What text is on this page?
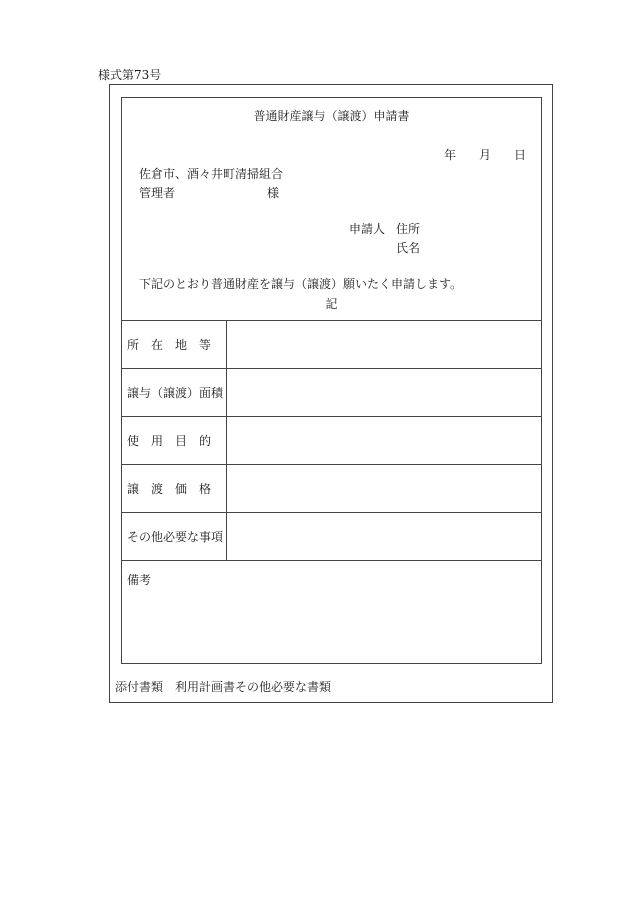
様式第73号
普通財産譲与（譲渡）申請書
年 月 日
佐倉市、酒々井町清掃組合
管理者	様
申請人 住所
氏名
下記のとおり普通財産を譲与（譲渡）願いたく申請します。
記
所　在　地　等
譲与（譲渡）面積
使　用　目　的
譲　渡　価　格
その他必要な事項
備考
添付書類　利用計画書その他必要な書類
